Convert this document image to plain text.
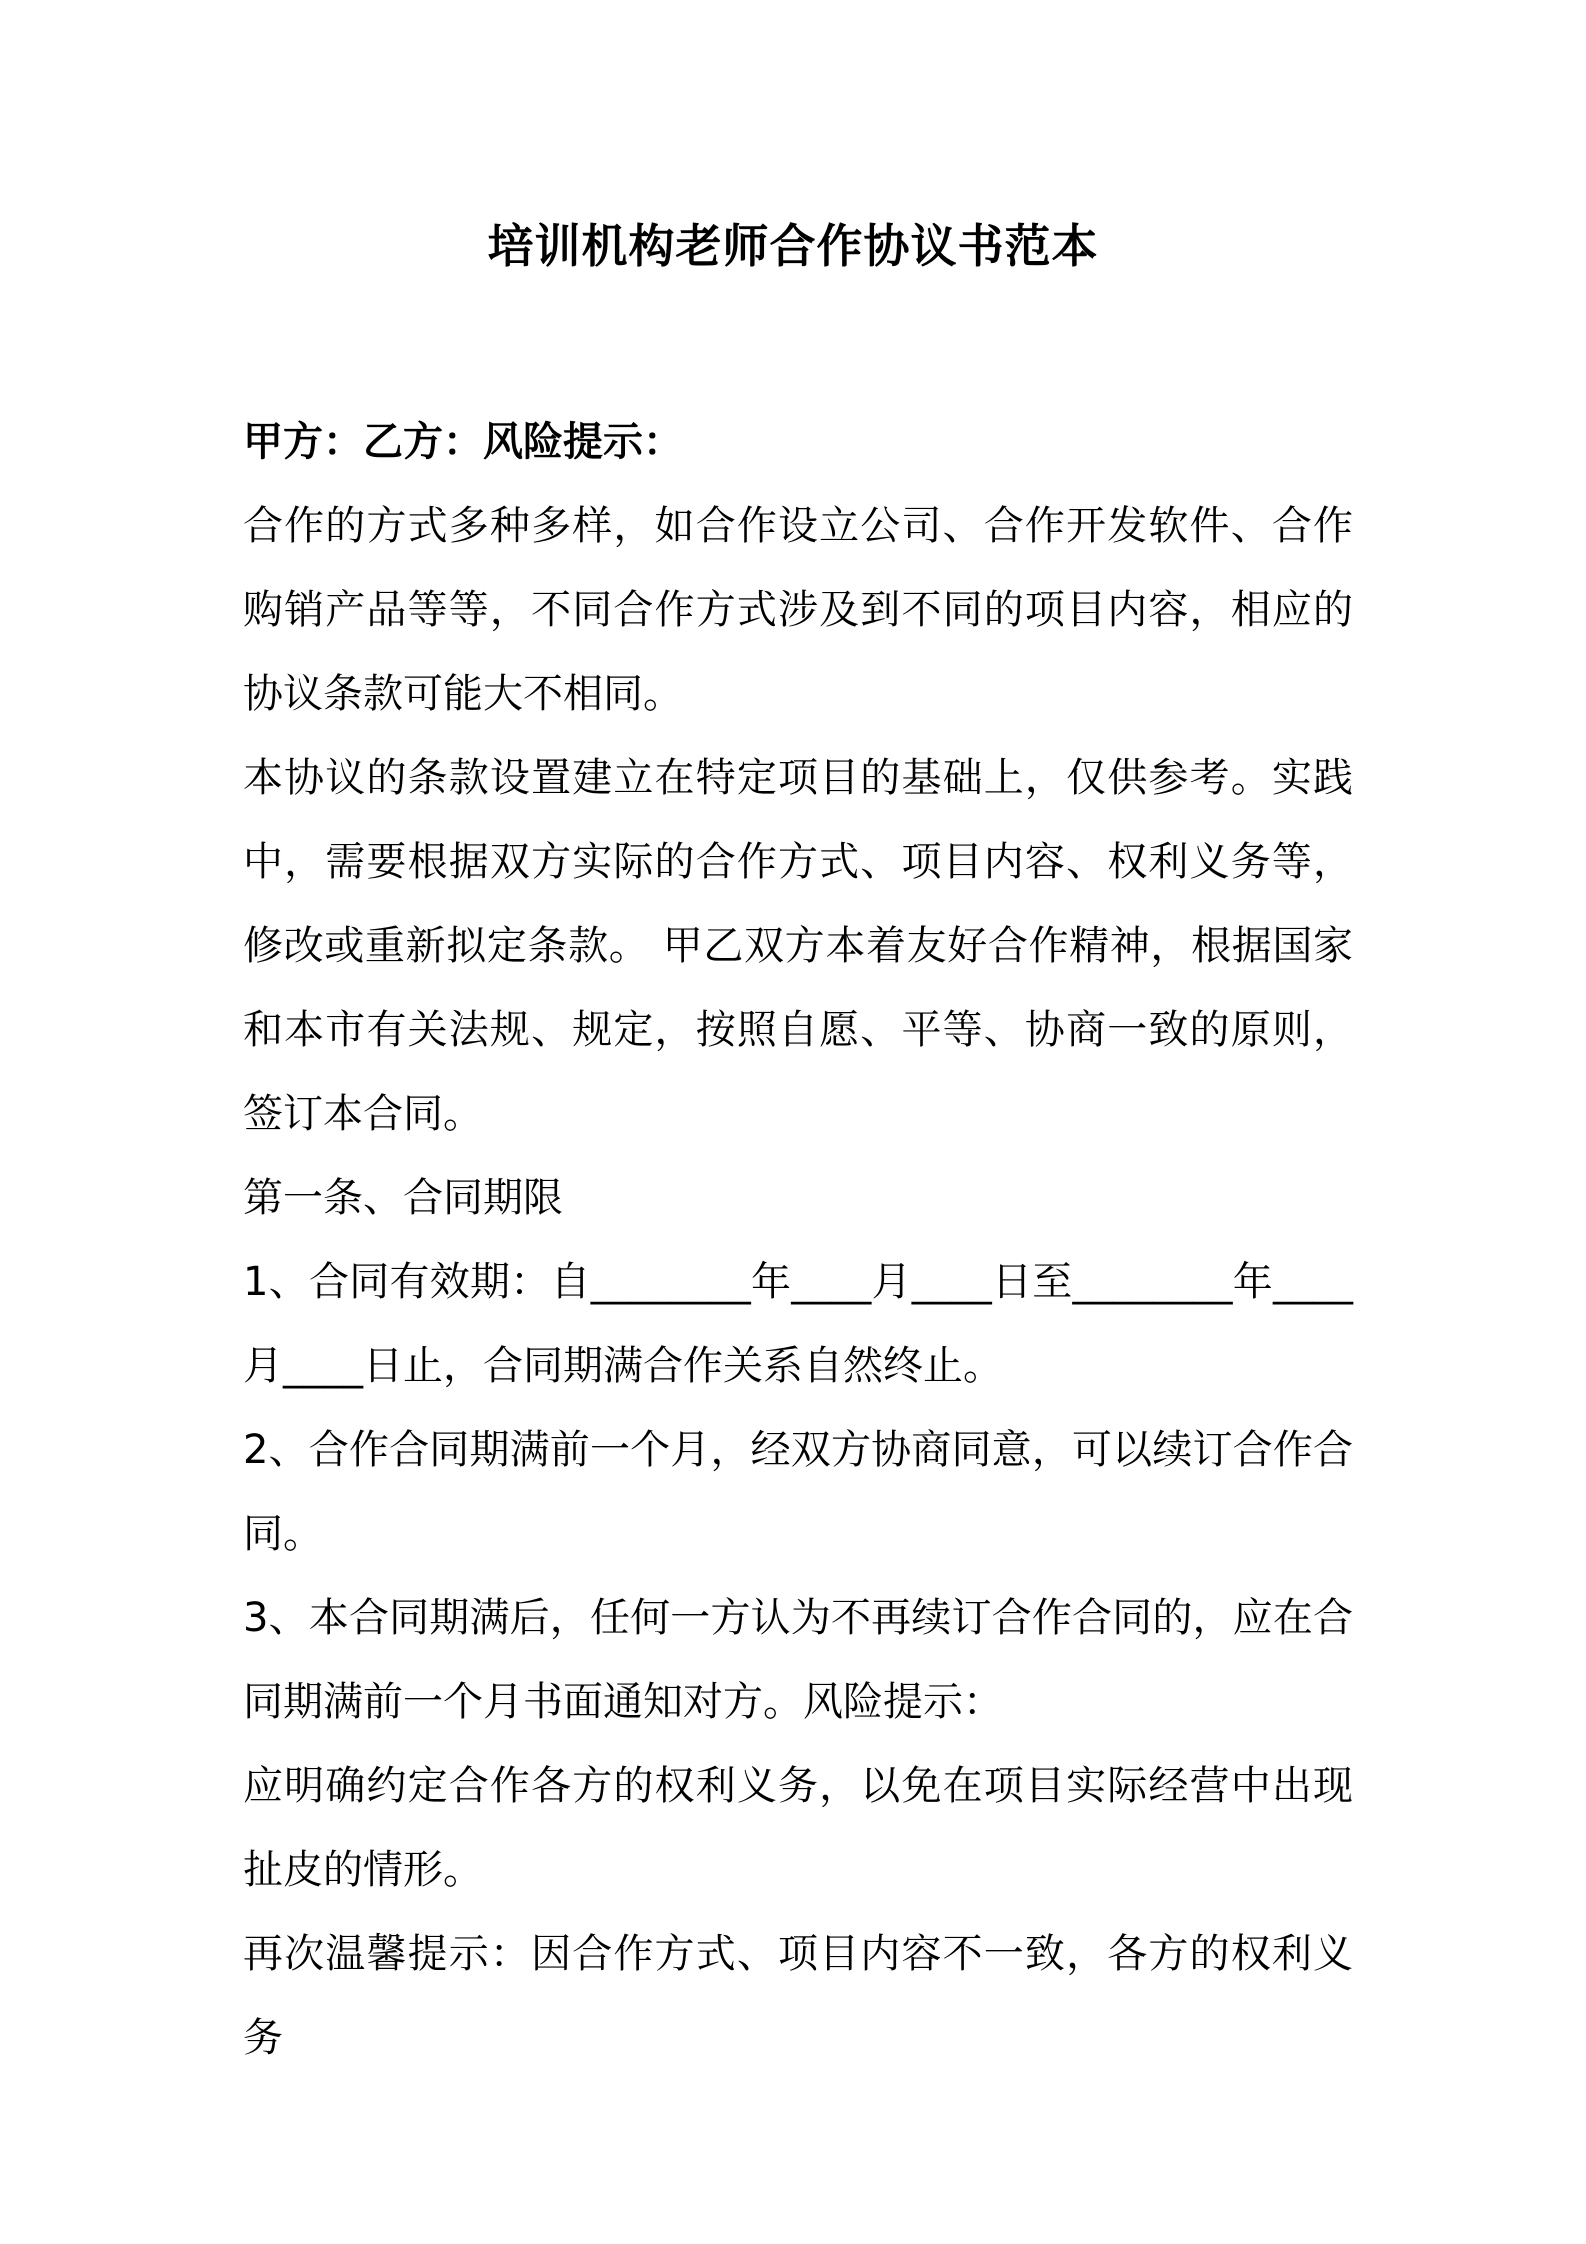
培训机构老师合作协议书范本

甲方：乙方：风险提示：

合作的方式多种多样，如合作设立公司、合作开发软件、合作购销产品等等，不同合作方式涉及到不同的项目内容，相应的协议条款可能大不相同。

本协议的条款设置建立在特定项目的基础上，仅供参考。实践中，需要根据双方实际的合作方式、项目内容、权利义务等，修改或重新拟定条款。 甲乙双方本着友好合作精神，根据国家和本市有关法规、规定，按照自愿、平等、协商一致的原则，签订本合同。

第一条、合同期限

1、合同有效期：自________年____月____日至________年____月____日止，合同期满合作关系自然终止。

2、合作合同期满前一个月，经双方协商同意，可以续订合作合同。

3、本合同期满后，任何一方认为不再续订合作合同的，应在合同期满前一个月书面通知对方。风险提示：

应明确约定合作各方的权利义务，以免在项目实际经营中出现扯皮的情形。

再次温馨提示：因合作方式、项目内容不一致，各方的权利义务
